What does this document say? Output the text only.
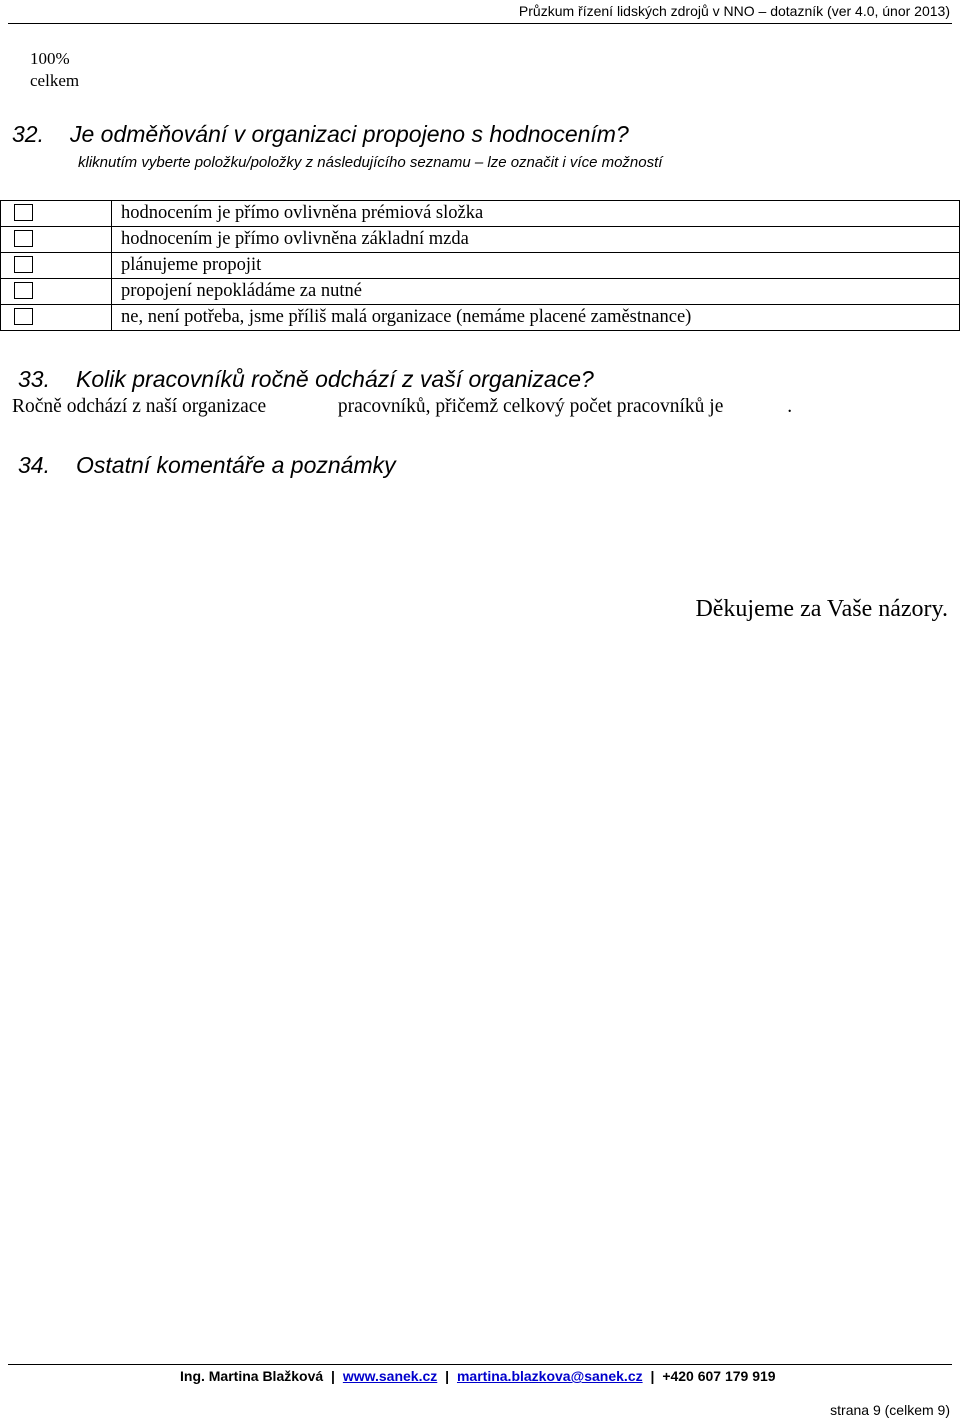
Průzkum řízení lidských zdrojů v NNO – dotazník (ver 4.0, únor 2013)
100%
celkem
32. Je odměňování v organizaci propojeno s hodnocením?
kliknutím vyberte položku/položky z následujícího seznamu – lze označit i více možností
	hodnocením je přímo ovlivněna prémiová složka

	hodnocením je přímo ovlivněna základní mzda

	plánujeme propojit

	propojení nepokládáme za nutné

	ne, není potřeba, jsme příliš malá organizace (nemáme placené zaměstnance)
33. Kolik pracovníků ročně odchází z vaší organizace?
Ročně odchází z naší organizace	pracovníků, přičemž celkový počet pracovníků je	.
34. Ostatní komentáře a poznámky
Děkujeme za Vaše názory.
Ing. Martina Blažková | www.sanek.cz | martina.blazkova@sanek.cz | +420 607 179 919
strana 9 (celkem 9)
